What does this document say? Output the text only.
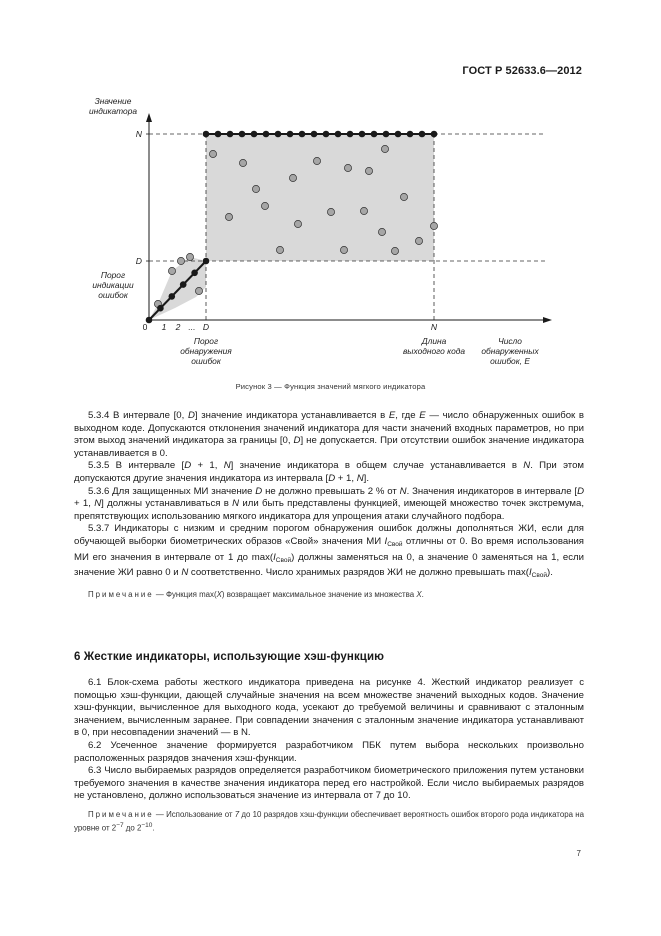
ГОСТ Р 52633.6—2012
Значение
индикатора
N
D
0 1 2 ... D	N
Порог
индикации
ошибок
Порог
обнаружения
ошибок
Длина
выходного кода
Число
обнаруженных
ошибок, E
Рисунок 3 — Функция значений мягкого индикатора

5.3.4 В интервале [0, D] значение индикатора устанавливается в E, где E — число обнаруженных ошибок в выходном коде. Допускаются отклонения значений индикатора для части значений входных параметров, но при этом выход значений индикатора за границы [0, D] не допускается. При отсутствии ошибок значение индикатора устанавливается в 0.

5.3.5 В интервале [D + 1, N] значение индикатора в общем случае устанавливается в N. При этом допускаются другие значения индикатора из интервала [D + 1, N].

5.3.6 Для защищенных МИ значение D не должно превышать 2 % от N. Значения индикаторов в интервале [D + 1, N] должны устанавливаться в N или быть представлены функцией, имеющей множество точек экстремума, препятствующих использованию мягкого индикатора для упрощения атаки случайного подбора.

5.3.7 Индикаторы с низким и средним порогом обнаружения ошибок должны дополняться ЖИ, если для обучающей выборки биометрических образов «Свой» значения МИ $I_{Свой}$ отличны от 0. Во время использования МИ его значения в интервале от 1 до $\max(I_{Свой})$ должны заменяться на 0, а значение 0 заменяться на 1, если значение ЖИ равно 0 и N соответственно. Число хранимых разрядов ЖИ не должно превышать $\max(I_{Свой})$.

Примечание — Функция max(X) возвращает максимальное значение из множества X.

6 Жесткие индикаторы, использующие хэш-функцию

6.1 Блок-схема работы жесткого индикатора приведена на рисунке 4. Жесткий индикатор реализует с помощью хэш-функции, дающей случайные значения на всем множестве значений выходных кодов. Значение хэш-функции, вычисленное для выходного кода, усекают до требуемой величины и сравнивают с эталонным значением, вычисленным заранее. При совпадении значения с эталонным значение индикатора устанавливают в 0, при несовпадении значений — в N.

6.2 Усеченное значение формируется разработчиком ПБК путем выбора нескольких произвольно расположенных разрядов значения хэш-функции.

6.3 Число выбираемых разрядов определяется разработчиком биометрического приложения путем установки требуемого значения в качестве значения индикатора перед его настройкой. Если число выбираемых разрядов не установлено, должно использоваться значение из интервала от 7 до 10.

Примечание — Использование от 7 до 10 разрядов хэш-функции обеспечивает вероятность ошибок второго рода индикатора на уровне от $2^{-7}$ до $2^{-10}$.

7
